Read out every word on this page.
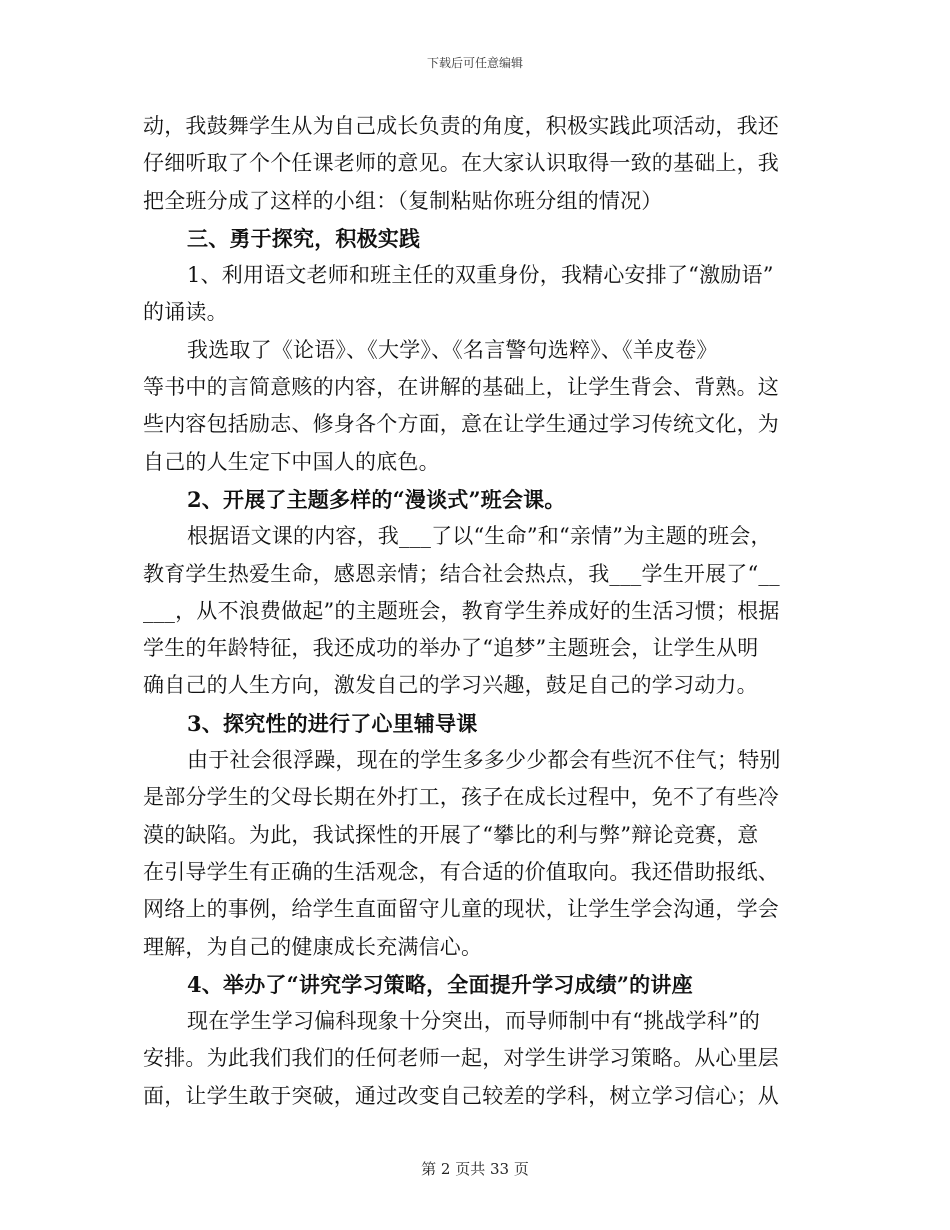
下载后可任意编辑
动，我鼓舞学生从为自己成长负责的角度，积极实践此项活动，我还
仔细听取了个个任课老师的意见。在大家认识取得一致的基础上，我
把全班分成了这样的小组：（复制粘贴你班分组的情况）
三、勇于探究，积极实践
1、利用语文老师和班主任的双重身份，我精心安排了“激励语”
的诵读。
我选取了《论语》、《大学》、《名言警句选粹》、《羊皮卷》
等书中的言简意赅的内容，在讲解的基础上，让学生背会、背熟。这
些内容包括励志、修身各个方面，意在让学生通过学习传统文化，为
自己的人生定下中国人的底色。
2、开展了主题多样的“漫谈式”班会课。
根据语文课的内容，我___了以“生命”和“亲情”为主题的班会，
教育学生热爱生命，感恩亲情；结合社会热点，我___学生开展了“__
___，从不浪费做起”的主题班会，教育学生养成好的生活习惯；根据
学生的年龄特征，我还成功的举办了“追梦”主题班会，让学生从明
确自己的人生方向，激发自己的学习兴趣，鼓足自己的学习动力。
3、探究性的进行了心里辅导课
由于社会很浮躁，现在的学生多多少少都会有些沉不住气；特别
是部分学生的父母长期在外打工，孩子在成长过程中，免不了有些冷
漠的缺陷。为此，我试探性的开展了“攀比的利与弊”辩论竞赛，意
在引导学生有正确的生活观念，有合适的价值取向。我还借助报纸、
网络上的事例，给学生直面留守儿童的现状，让学生学会沟通，学会
理解，为自己的健康成长充满信心。
4、举办了“讲究学习策略，全面提升学习成绩”的讲座
现在学生学习偏科现象十分突出，而导师制中有“挑战学科”的
安排。为此我们我们的任何老师一起，对学生讲学习策略。从心里层
面，让学生敢于突破，通过改变自己较差的学科，树立学习信心；从
第 2 页共 33 页
